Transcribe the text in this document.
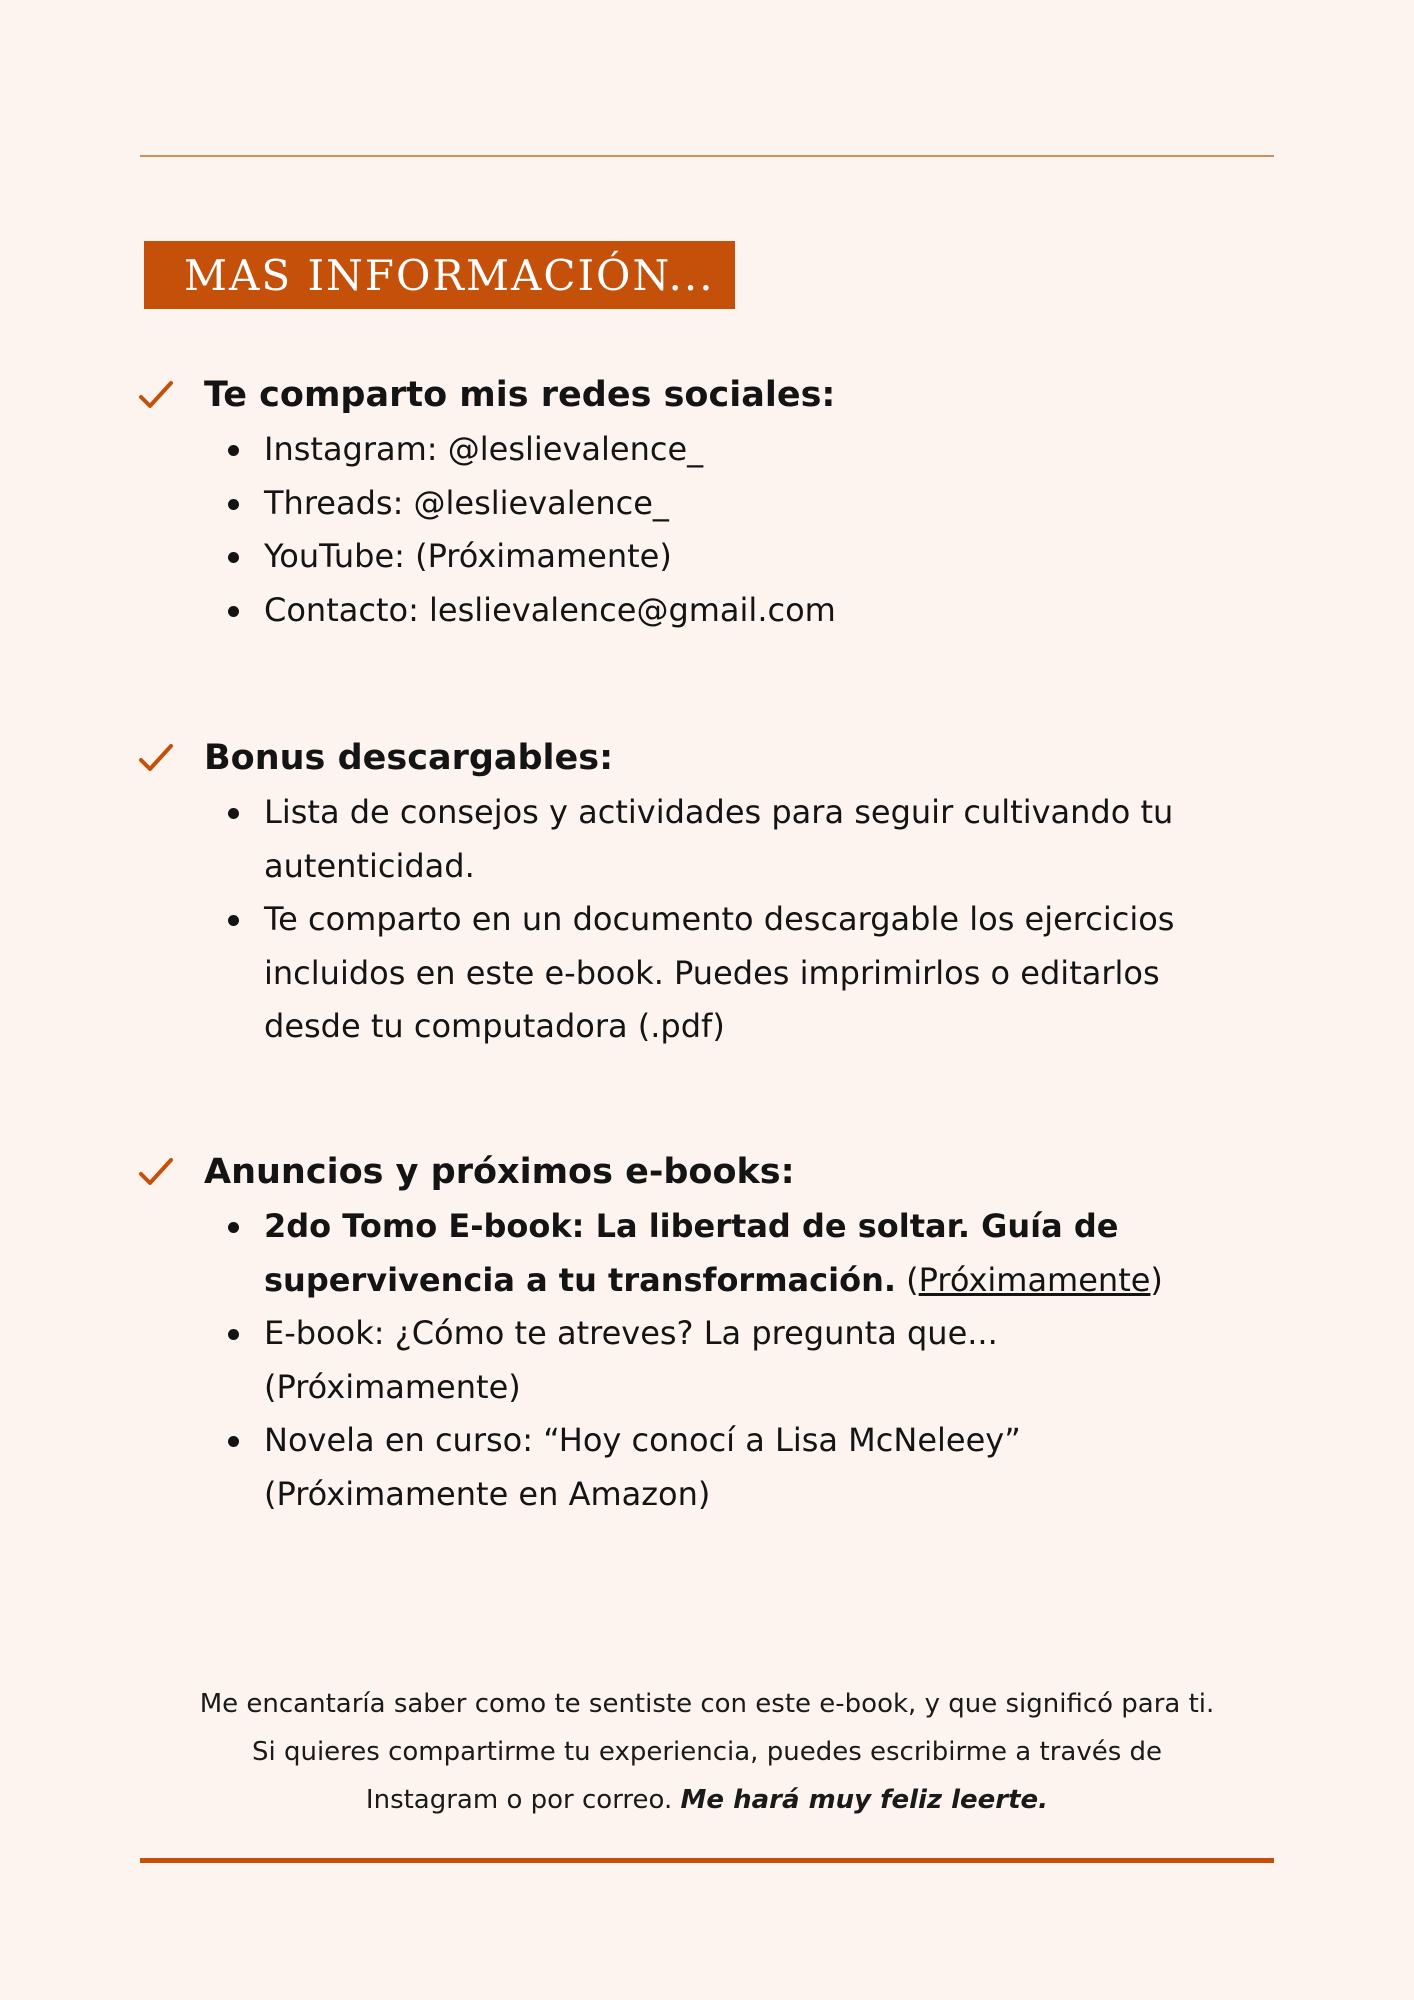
MAS INFORMACIÓN...
Te comparto mis redes sociales:
Instagram: @leslievalence_
Threads: @leslievalence_
YouTube: (Próximamente)
Contacto: leslievalence@gmail.com
Bonus descargables:
Lista de consejos y actividades para seguir cultivando tu autenticidad.
Te comparto en un documento descargable los ejercicios incluidos en este e-book. Puedes imprimirlos o editarlos desde tu computadora (.pdf)
Anuncios y próximos e-books:
2do Tomo E-book: La libertad de soltar. Guía de supervivencia a tu transformación. (Próximamente)
E-book: ¿Cómo te atreves? La pregunta que... (Próximamente)
Novela en curso: “Hoy conocí a Lisa McNeleey” (Próximamente en Amazon)
Me encantaría saber como te sentiste con este e-book, y que significó para ti.
Si quieres compartirme tu experiencia, puedes escribirme a través de
Instagram o por correo. Me hará muy feliz leerte.
